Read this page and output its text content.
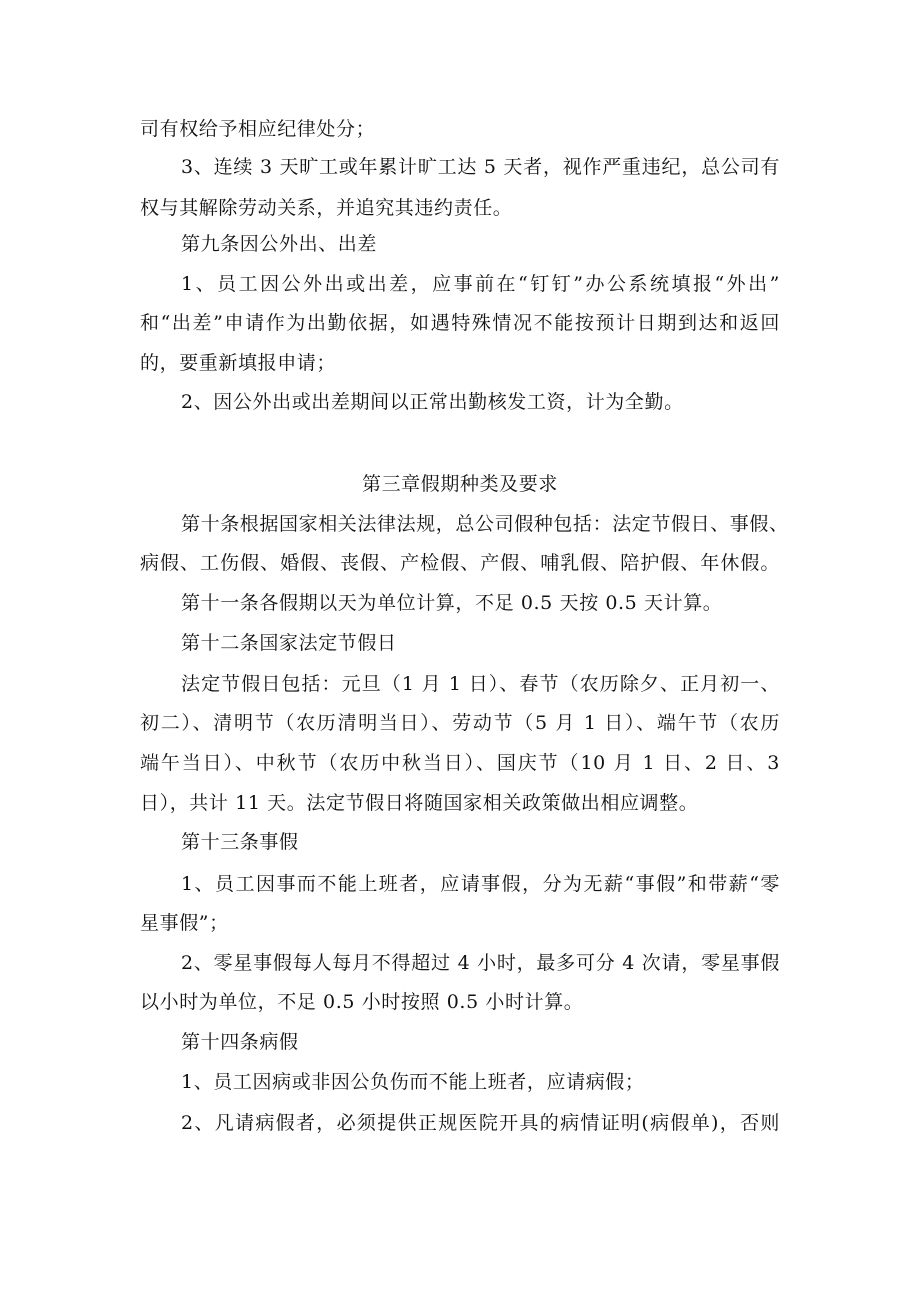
司有权给予相应纪律处分；
3、连续 3 天旷工或年累计旷工达 5 天者，视作严重违纪，总公司有
权与其解除劳动关系，并追究其违约责任。
第九条因公外出、出差
1、员工因公外出或出差，应事前在“钉钉”办公系统填报“外出”
和“出差”申请作为出勤依据，如遇特殊情况不能按预计日期到达和返回
的，要重新填报申请；
2、因公外出或出差期间以正常出勤核发工资，计为全勤。
第三章假期种类及要求
第十条根据国家相关法律法规，总公司假种包括：法定节假日、事假、
病假、工伤假、婚假、丧假、产检假、产假、哺乳假、陪护假、年休假。
第十一条各假期以天为单位计算，不足 0.5 天按 0.5 天计算。
第十二条国家法定节假日
法定节假日包括：元旦（1 月 1 日）、春节（农历除夕、正月初一、
初二）、清明节（农历清明当日）、劳动节（5 月 1 日）、端午节（农历
端午当日）、中秋节（农历中秋当日）、国庆节（10 月 1 日、2 日、3
日），共计 11 天。法定节假日将随国家相关政策做出相应调整。
第十三条事假
1、员工因事而不能上班者，应请事假，分为无薪“事假”和带薪“零
星事假”；
2、零星事假每人每月不得超过 4 小时，最多可分 4 次请，零星事假
以小时为单位，不足 0.5 小时按照 0.5 小时计算。
第十四条病假
1、员工因病或非因公负伤而不能上班者，应请病假；
2、凡请病假者，必须提供正规医院开具的病情证明(病假单)，否则
